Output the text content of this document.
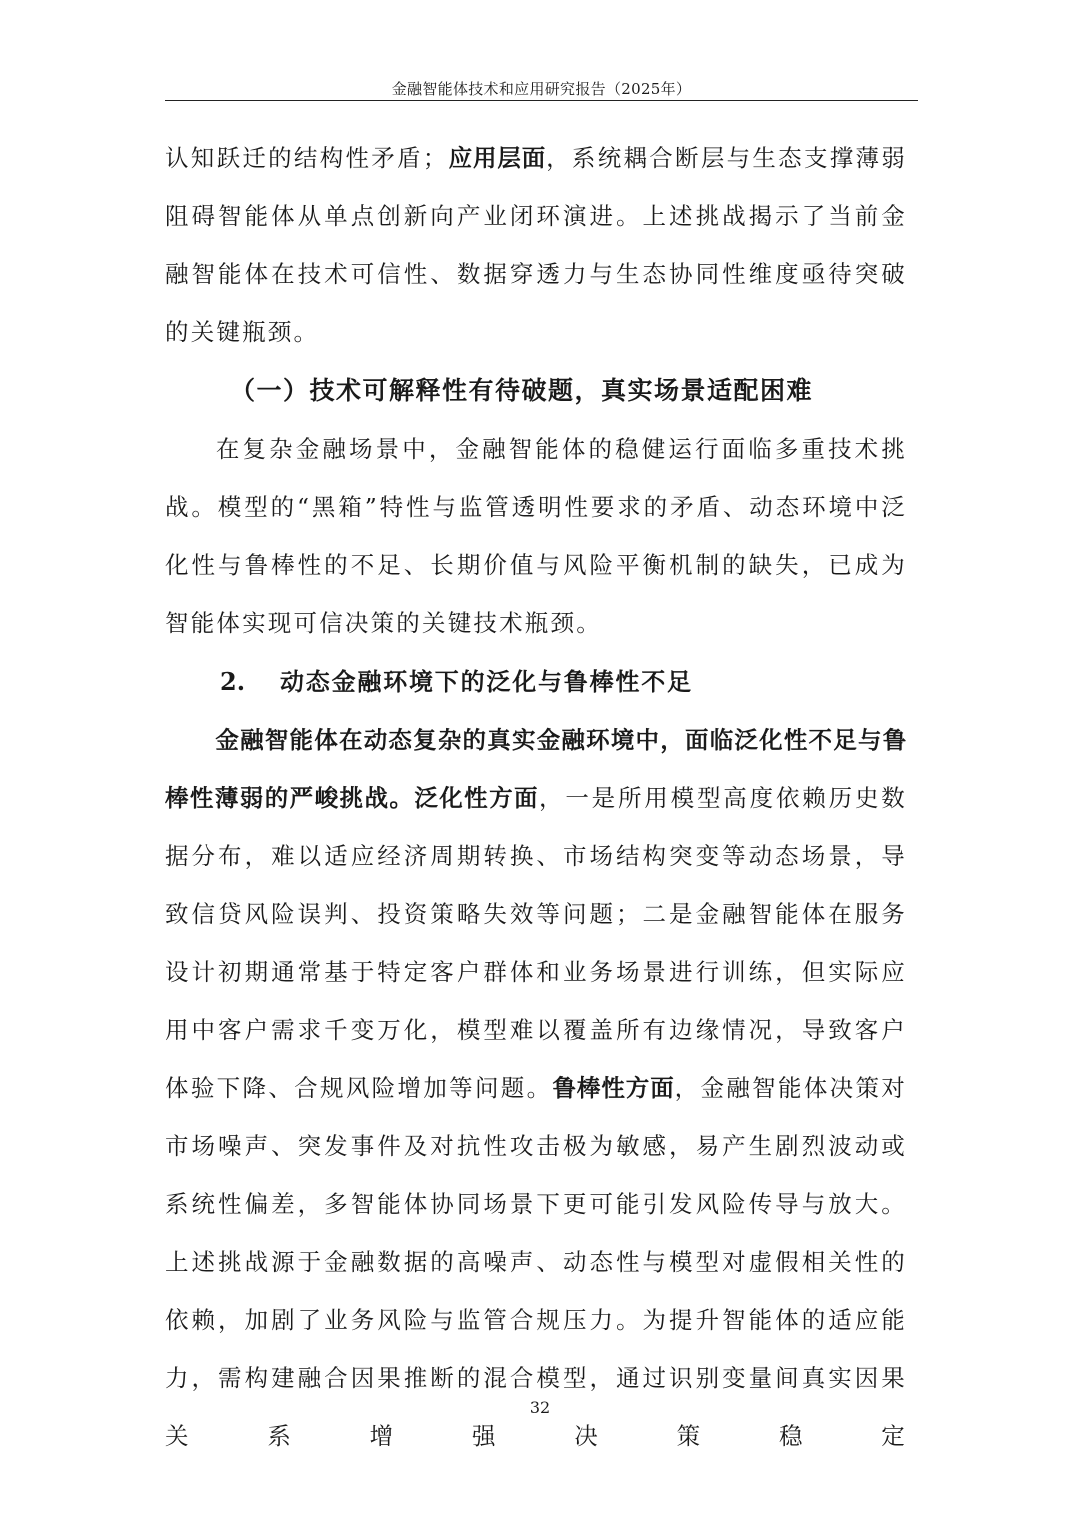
金融智能体技术和应用研究报告（2025年）

认知跃迁的结构性矛盾；应用层面，系统耦合断层与生态支撑薄弱阻碍智能体从单点创新向产业闭环演进。上述挑战揭示了当前金融智能体在技术可信性、数据穿透力与生态协同性维度亟待突破的关键瓶颈。

（一）技术可解释性有待破题，真实场景适配困难

在复杂金融场景中，金融智能体的稳健运行面临多重技术挑战。模型的“黑箱”特性与监管透明性要求的矛盾、动态环境中泛化性与鲁棒性的不足、长期价值与风险平衡机制的缺失，已成为智能体实现可信决策的关键技术瓶颈。

2. 动态金融环境下的泛化与鲁棒性不足

金融智能体在动态复杂的真实金融环境中，面临泛化性不足与鲁棒性薄弱的严峻挑战。泛化性方面，一是所用模型高度依赖历史数据分布，难以适应经济周期转换、市场结构突变等动态场景，导致信贷风险误判、投资策略失效等问题；二是金融智能体在服务设计初期通常基于特定客户群体和业务场景进行训练，但实际应用中客户需求千变万化，模型难以覆盖所有边缘情况，导致客户体验下降、合规风险增加等问题。鲁棒性方面，金融智能体决策对市场噪声、突发事件及对抗性攻击极为敏感，易产生剧烈波动或系统性偏差，多智能体协同场景下更可能引发风险传导与放大。上述挑战源于金融数据的高噪声、动态性与模型对虚假相关性的依赖，加剧了业务风险与监管合规压力。为提升智能体的适应能力，需构建融合因果推断的混合模型，通过识别变量间真实因果关系增强决策稳定

32
